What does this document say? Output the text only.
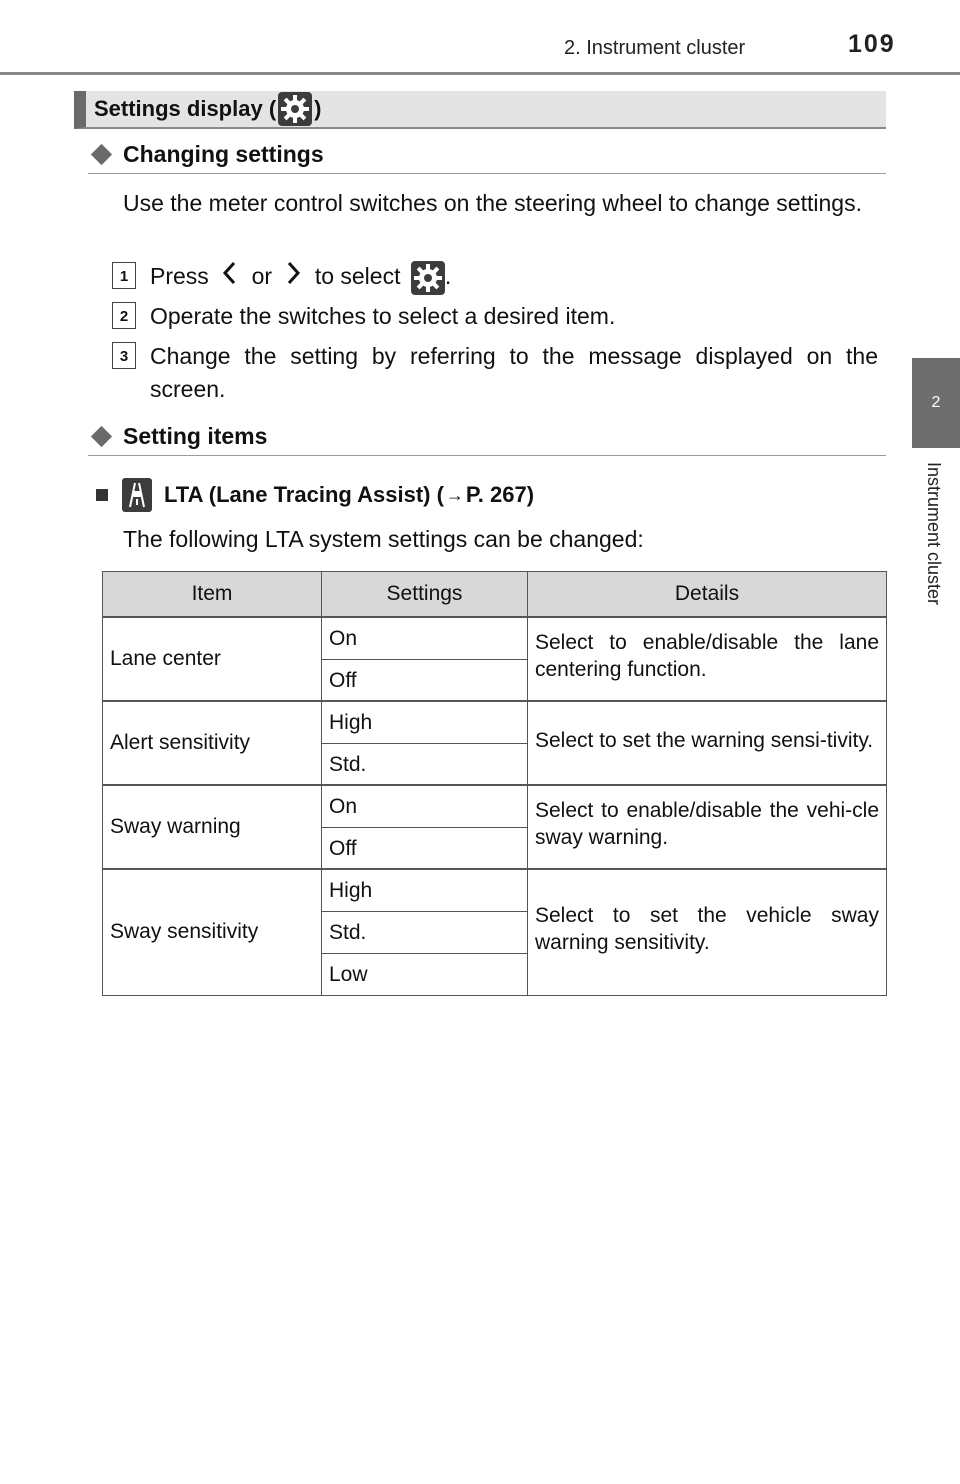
2. Instrument cluster	109
2
Instrument cluster
Settings display ( )
Changing settings
Use the meter control switches on the steering wheel to change settings.
1 Press or to select .
2 Operate the switches to select a desired item.
3 Change the setting by referring to the message displayed on the screen.
Setting items
LTA (Lane Tracing Assist) ( → P. 267)
The following LTA system settings can be changed:
Item	Settings	Details
Lane center	On	Select to enable/disable the lane centering function.
	Off	
Alert sensitivity	High	Select to set the warning sensi-tivity.
	Std.	
Sway warning	On	Select to enable/disable the vehi-cle sway warning.
	Off	
Sway sensitivity	High	Select to set the vehicle sway warning sensitivity.
	Std.	
	Low	
